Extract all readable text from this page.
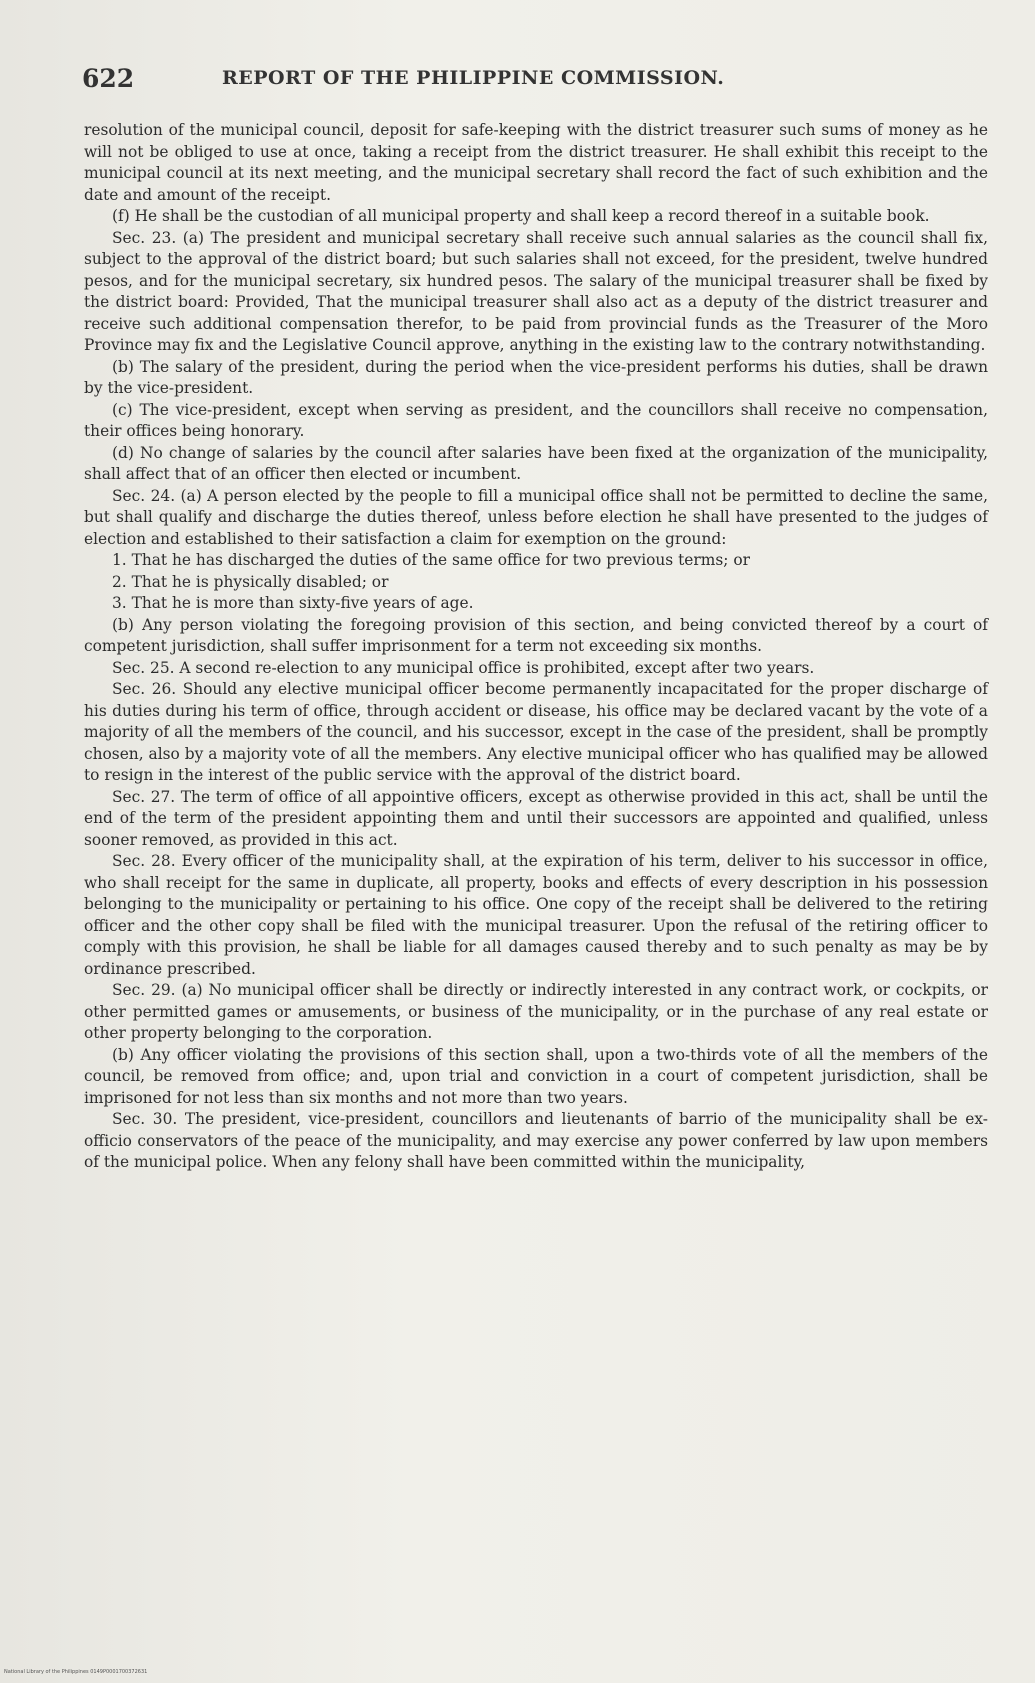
622	REPORT OF THE PHILIPPINE COMMISSION.

resolution of the municipal council, deposit for safe-keeping with the district treasurer such sums of money as he will not be obliged to use at once, taking a receipt from the district treasurer. He shall exhibit this receipt to the municipal council at its next meeting, and the municipal secretary shall record the fact of such exhibition and the date and amount of the receipt.

(f) He shall be the custodian of all municipal property and shall keep a record thereof in a suitable book.

Sec. 23. (a) The president and municipal secretary shall receive such annual salaries as the council shall fix, subject to the approval of the district board; but such salaries shall not exceed, for the president, twelve hundred pesos, and for the municipal secretary, six hundred pesos. The salary of the municipal treasurer shall be fixed by the district board: Provided, That the municipal treasurer shall also act as a deputy of the district treasurer and receive such additional compensation therefor, to be paid from provincial funds as the Treasurer of the Moro Province may fix and the Legislative Council approve, anything in the existing law to the contrary notwithstanding.

(b) The salary of the president, during the period when the vice-president performs his duties, shall be drawn by the vice-president.

(c) The vice-president, except when serving as president, and the councillors shall receive no compensation, their offices being honorary.

(d) No change of salaries by the council after salaries have been fixed at the organization of the municipality, shall affect that of an officer then elected or incumbent.

Sec. 24. (a) A person elected by the people to fill a municipal office shall not be permitted to decline the same, but shall qualify and discharge the duties thereof, unless before election he shall have presented to the judges of election and established to their satisfaction a claim for exemption on the ground:

1. That he has discharged the duties of the same office for two previous terms; or

2. That he is physically disabled; or

3. That he is more than sixty-five years of age.

(b) Any person violating the foregoing provision of this section, and being convicted thereof by a court of competent jurisdiction, shall suffer imprisonment for a term not exceeding six months.

Sec. 25. A second re-election to any municipal office is prohibited, except after two years.

Sec. 26. Should any elective municipal officer become permanently incapacitated for the proper discharge of his duties during his term of office, through accident or disease, his office may be declared vacant by the vote of a majority of all the members of the council, and his successor, except in the case of the president, shall be promptly chosen, also by a majority vote of all the members. Any elective municipal officer who has qualified may be allowed to resign in the interest of the public service with the approval of the district board.

Sec. 27. The term of office of all appointive officers, except as otherwise provided in this act, shall be until the end of the term of the president appointing them and until their successors are appointed and qualified, unless sooner removed, as provided in this act.

Sec. 28. Every officer of the municipality shall, at the expiration of his term, deliver to his successor in office, who shall receipt for the same in duplicate, all property, books and effects of every description in his possession belonging to the municipality or pertaining to his office. One copy of the receipt shall be delivered to the retiring officer and the other copy shall be filed with the municipal treasurer. Upon the refusal of the retiring officer to comply with this provision, he shall be liable for all damages caused thereby and to such penalty as may be by ordinance prescribed.

Sec. 29. (a) No municipal officer shall be directly or indirectly interested in any contract work, or cockpits, or other permitted games or amusements, or business of the municipality, or in the purchase of any real estate or other property belonging to the corporation.

(b) Any officer violating the provisions of this section shall, upon a two-thirds vote of all the members of the council, be removed from office; and, upon trial and conviction in a court of competent jurisdiction, shall be imprisoned for not less than six months and not more than two years.

Sec. 30. The president, vice-president, councillors and lieutenants of barrio of the municipality shall be ex-officio conservators of the peace of the municipality, and may exercise any power conferred by law upon members of the municipal police. When any felony shall have been committed within the municipality,

National Library of the Philippines 0149P0001700372631
